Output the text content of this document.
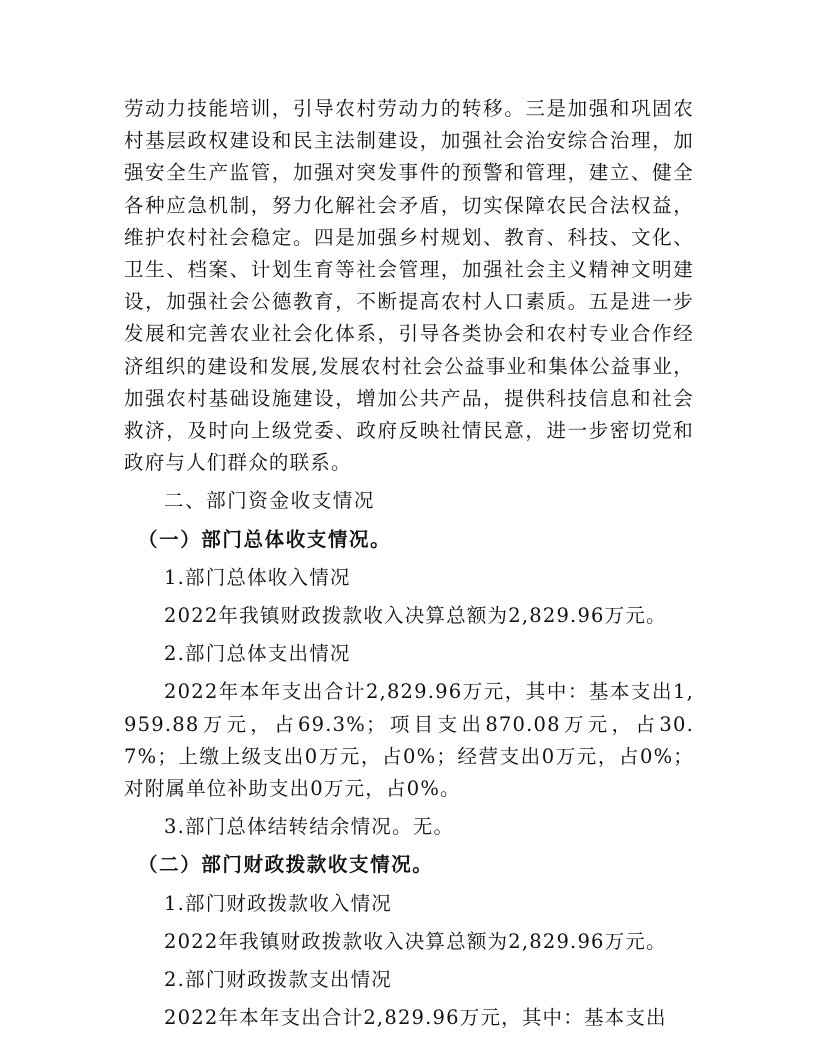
劳动力技能培训，引导农村劳动力的转移。三是加强和巩固农村基层政权建设和民主法制建设，加强社会治安综合治理，加强安全生产监管，加强对突发事件的预警和管理，建立、健全各种应急机制，努力化解社会矛盾，切实保障农民合法权益，维护农村社会稳定。四是加强乡村规划、教育、科技、文化、卫生、档案、计划生育等社会管理，加强社会主义精神文明建设，加强社会公德教育，不断提高农村人口素质。五是进一步发展和完善农业社会化体系，引导各类协会和农村专业合作经济组织的建设和发展,发展农村社会公益事业和集体公益事业，加强农村基础设施建设，增加公共产品，提供科技信息和社会救济，及时向上级党委、政府反映社情民意，进一步密切党和政府与人们群众的联系。

二、部门资金收支情况

（一）部门总体收支情况。

1.部门总体收入情况

2022年我镇财政拨款收入决算总额为2,829.96万元。

2.部门总体支出情况

2022年本年支出合计2,829.96万元，其中：基本支出1,959.88万元，占69.3%；项目支出870.08万元，占30.7%；上缴上级支出0万元，占0%；经营支出0万元，占0%；对附属单位补助支出0万元，占0%。

3.部门总体结转结余情况。无。

（二）部门财政拨款收支情况。

1.部门财政拨款收入情况

2022年我镇财政拨款收入决算总额为2,829.96万元。

2.部门财政拨款支出情况

2022年本年支出合计2,829.96万元，其中：基本支出
